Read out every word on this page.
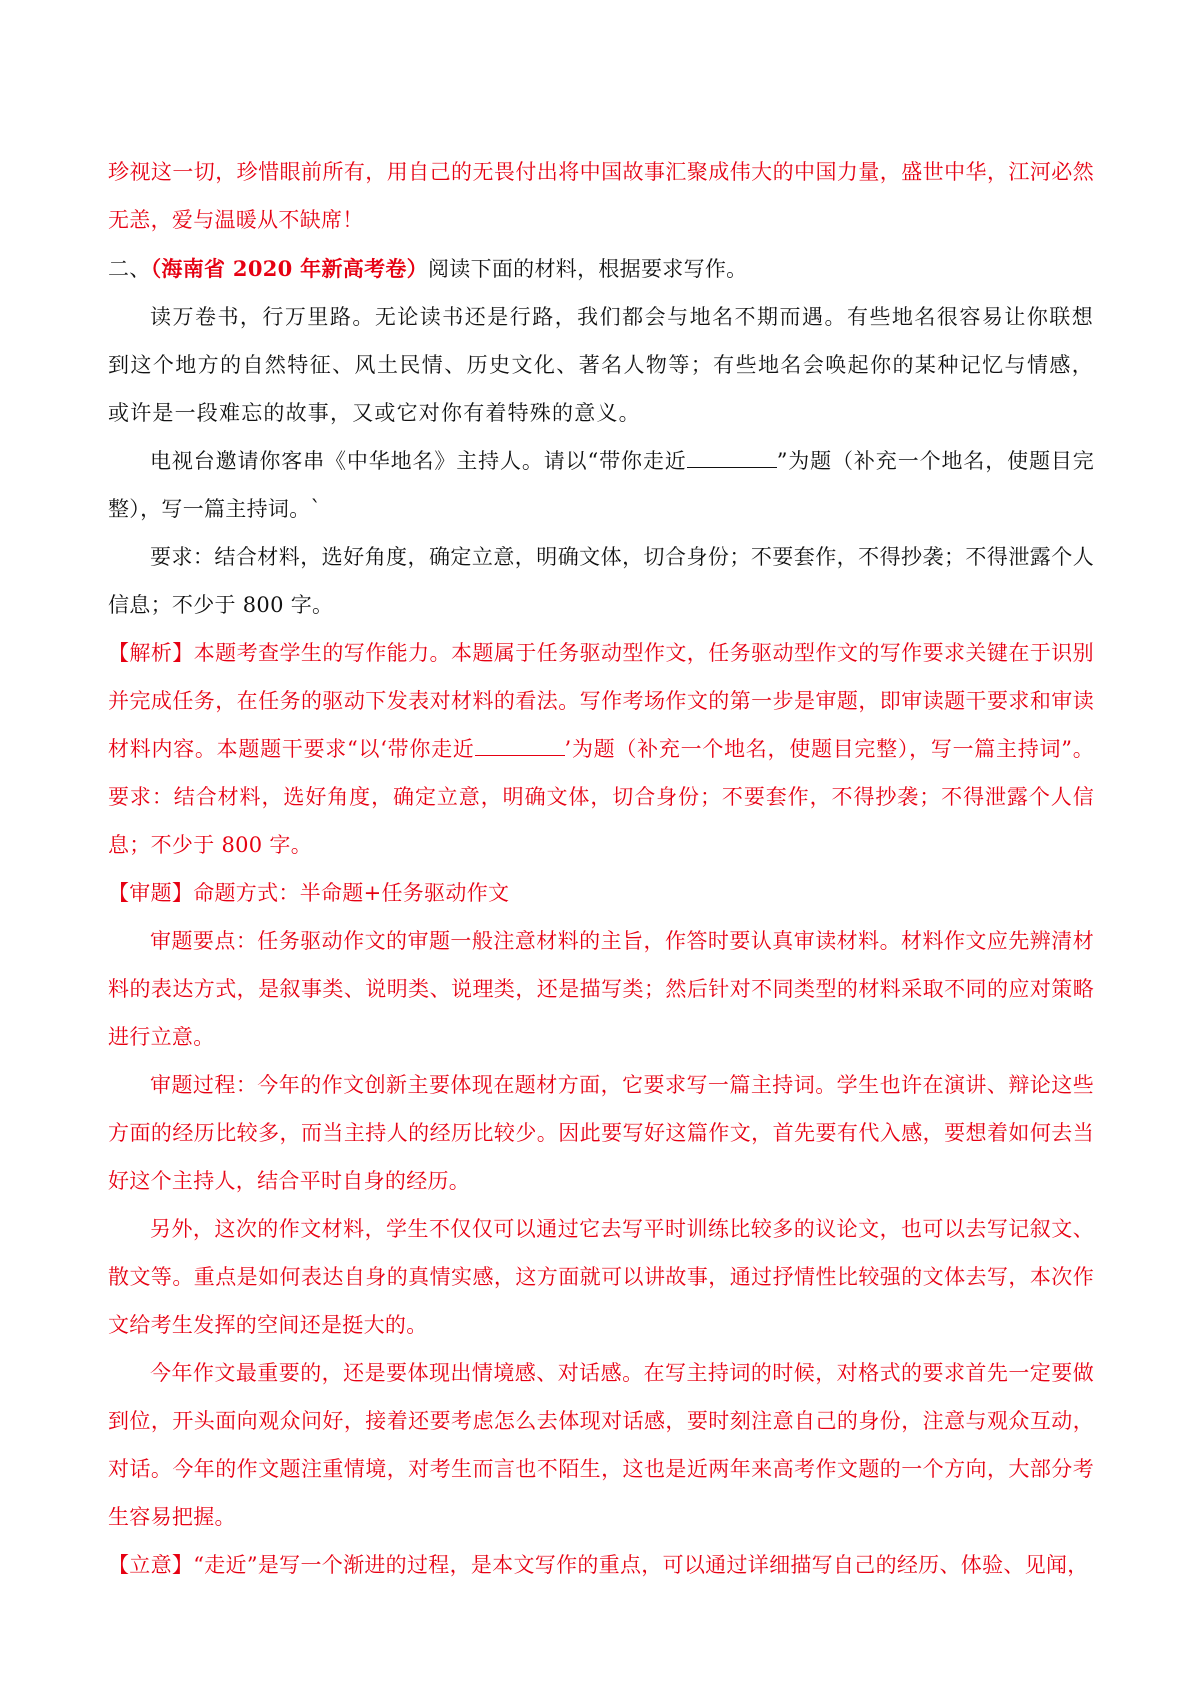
珍视这一切，珍惜眼前所有，用自己的无畏付出将中国故事汇聚成伟大的中国力量，盛世中华，江河必然无恙，爱与温暖从不缺席！

二、（海南省 2020 年新高考卷）阅读下面的材料，根据要求写作。

读万卷书，行万里路。无论读书还是行路，我们都会与地名不期而遇。有些地名很容易让你联想到这个地方的自然特征、风土民情、历史文化、著名人物等；有些地名会唤起你的某种记忆与情感，或许是一段难忘的故事，又或它对你有着特殊的意义。

电视台邀请你客串《中华地名》主持人。请以“带你走近	”为题（补充一个地名，使题目完整），写一篇主持词。`

要求：结合材料，选好角度，确定立意，明确文体，切合身份；不要套作，不得抄袭；不得泄露个人信息；不少于 800 字。

【解析】本题考查学生的写作能力。本题属于任务驱动型作文，任务驱动型作文的写作要求关键在于识别并完成任务，在任务的驱动下发表对材料的看法。写作考场作文的第一步是审题，即审读题干要求和审读材料内容。本题题干要求“以‘带你走近	’为题（补充一个地名，使题目完整），写一篇主持词”。要求：结合材料，选好角度，确定立意，明确文体，切合身份；不要套作，不得抄袭；不得泄露个人信息；不少于 800 字。

【审题】命题方式：半命题+任务驱动作文

审题要点：任务驱动作文的审题一般注意材料的主旨，作答时要认真审读材料。材料作文应先辨清材料的表达方式，是叙事类、说明类、说理类，还是描写类；然后针对不同类型的材料采取不同的应对策略进行立意。

审题过程：今年的作文创新主要体现在题材方面，它要求写一篇主持词。学生也许在演讲、辩论这些方面的经历比较多，而当主持人的经历比较少。因此要写好这篇作文，首先要有代入感，要想着如何去当好这个主持人，结合平时自身的经历。

另外，这次的作文材料，学生不仅仅可以通过它去写平时训练比较多的议论文，也可以去写记叙文、散文等。重点是如何表达自身的真情实感，这方面就可以讲故事，通过抒情性比较强的文体去写，本次作文给考生发挥的空间还是挺大的。

今年作文最重要的，还是要体现出情境感、对话感。在写主持词的时候，对格式的要求首先一定要做到位，开头面向观众问好，接着还要考虑怎么去体现对话感，要时刻注意自己的身份，注意与观众互动，对话。今年的作文题注重情境，对考生而言也不陌生，这也是近两年来高考作文题的一个方向，大部分考生容易把握。

【立意】“走近”是写一个渐进的过程，是本文写作的重点，可以通过详细描写自己的经历、体验、见闻，
